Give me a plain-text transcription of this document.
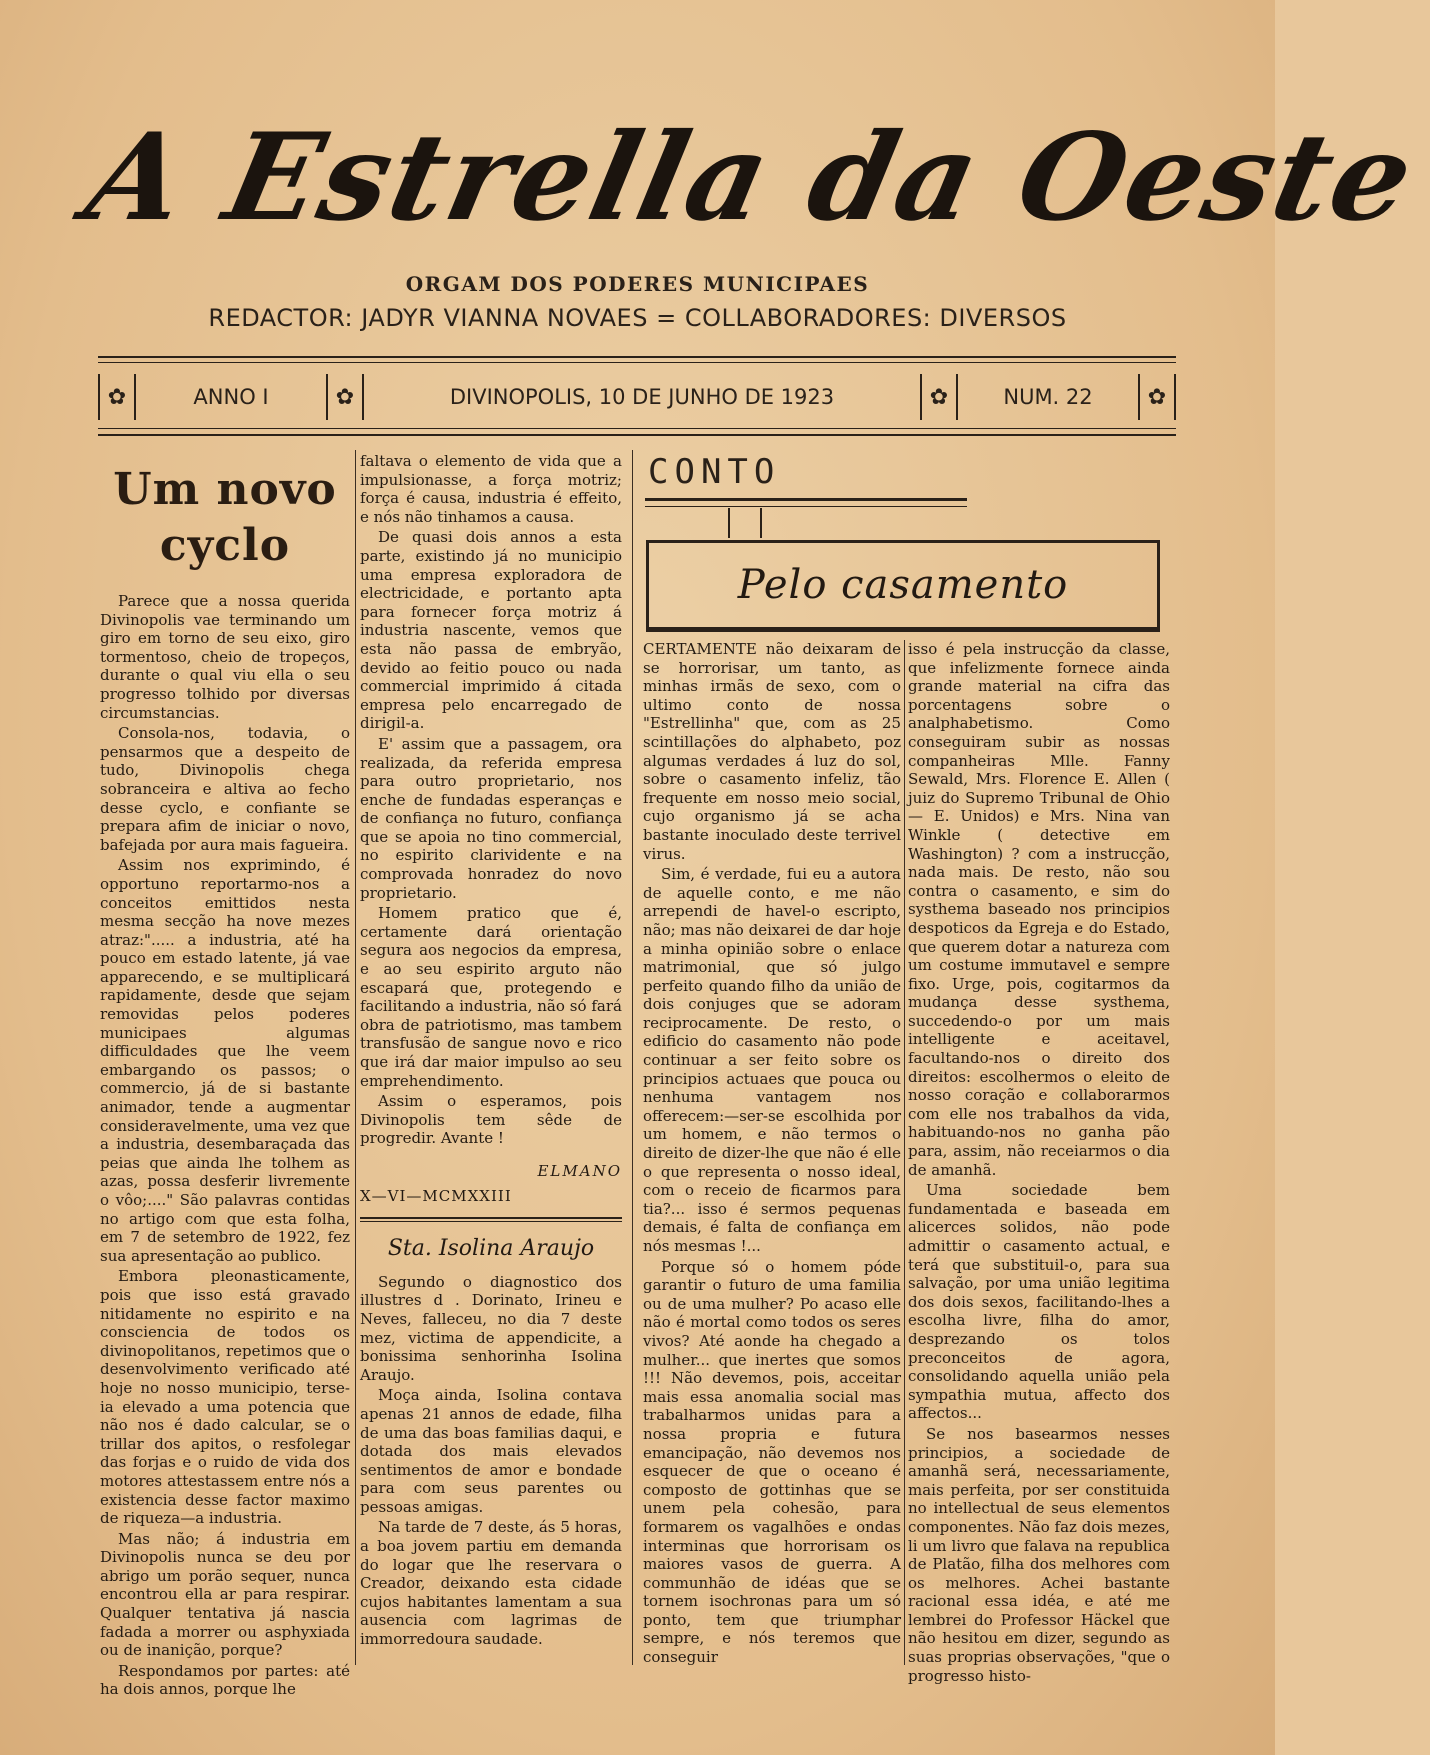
A Estrella da Oeste
ORGAM DOS PODERES MUNICIPAES
REDACTOR: JADYR VIANNA NOVAES = COLLABORADORES: DIVERSOS
✿	ANNO I	✿	DIVINOPOLIS, 10 DE JUNHO DE 1923	✿	NUM. 22	✿
Um novo cyclo

Parece que a nossa querida Divinopolis vae terminando um giro em torno de seu eixo, giro tormentoso, cheio de tropeços, durante o qual viu ella o seu progresso tolhido por diversas circumstancias.

Consola-nos, todavia, o pensarmos que a despeito de tudo, Divinopolis chega sobranceira e altiva ao fecho desse cyclo, e confiante se prepara afim de iniciar o novo, bafejada por aura mais fagueira.

Assim nos exprimindo, é opportuno reportarmo-nos a conceitos emittidos nesta mesma secção ha nove mezes atraz:"..... a industria, até ha pouco em estado latente, já vae apparecendo, e se multiplicará rapidamente, desde que sejam removidas pelos poderes municipaes algumas difficuldades que lhe veem embargando os passos; o commercio, já de si bastante animador, tende a augmentar consideravelmente, uma vez que a industria, desembaraçada das peias que ainda lhe tolhem as azas, possa desferir livremente o vôo;...." São palavras contidas no artigo com que esta folha, em 7 de setembro de 1922, fez sua apresentação ao publico.

Embora pleonasticamente, pois que isso está gravado nitidamente no espirito e na consciencia de todos os divinopolitanos, repetimos que o desenvolvimento verificado até hoje no nosso municipio, terse-ia elevado a uma potencia que não nos é dado calcular, se o trillar dos apitos, o resfolegar das forjas e o ruido de vida dos motores attestassem entre nós a existencia desse factor maximo de riqueza—a industria.

Mas não; á industria em Divinopolis nunca se deu por abrigo um porão sequer, nunca encontrou ella ar para respirar. Qualquer tentativa já nascia fadada a morrer ou asphyxiada ou de inanição, porque?

Respondamos por partes: até ha dois annos, porque lhe

faltava o elemento de vida que a impulsionasse, a força motriz; força é causa, industria é effeito, e nós não tinhamos a causa.

De quasi dois annos a esta parte, existindo já no municipio uma empresa exploradora de electricidade, e portanto apta para fornecer força motriz á industria nascente, vemos que esta não passa de embryão, devido ao feitio pouco ou nada commercial imprimido á citada empresa pelo encarregado de dirigil-a.

E' assim que a passagem, ora realizada, da referida empresa para outro proprietario, nos enche de fundadas esperanças e de confiança no futuro, confiança que se apoia no tino commercial, no espirito clarividente e na comprovada honradez do novo proprietario.

Homem pratico que é, certamente dará orientação segura aos negocios da empresa, e ao seu espirito arguto não escapará que, protegendo e facilitando a industria, não só fará obra de patriotismo, mas tambem transfusão de sangue novo e rico que irá dar maior impulso ao seu emprehendimento.

Assim o esperamos, pois Divinopolis tem sêde de progredir. Avante !

ELMANO
X—VI—MCMXXIII
Sta. Isolina Araujo

Segundo o diagnostico dos illustres d . Dorinato, Irineu e Neves, falleceu, no dia 7 deste mez, victima de appendicite, a bonissima senhorinha Isolina Araujo.

Moça ainda, Isolina contava apenas 21 annos de edade, filha de uma das boas familias daqui, e dotada dos mais elevados sentimentos de amor e bondade para com seus parentes ou pessoas amigas.

Na tarde de 7 deste, ás 5 horas, a boa jovem partiu em demanda do logar que lhe reservara o Creador, deixando esta cidade cujos habitantes lamentam a sua ausencia com lagrimas de immorredoura saudade.

CONTO
Pelo casamento

CERTAMENTE não deixaram de se horrorisar, um tanto, as minhas irmãs de sexo, com o ultimo conto de nossa "Estrellinha" que, com as 25 scintillações do alphabeto, poz algumas verdades á luz do sol, sobre o casamento infeliz, tão frequente em nosso meio social, cujo organismo já se acha bastante inoculado deste terrivel virus.

Sim, é verdade, fui eu a autora de aquelle conto, e me não arrependi de havel-o escripto, não; mas não deixarei de dar hoje a minha opinião sobre o enlace matrimonial, que só julgo perfeito quando filho da união de dois conjuges que se adoram reciprocamente. De resto, o edificio do casamento não pode continuar a ser feito sobre os principios actuaes que pouca ou nenhuma vantagem nos offerecem:—ser-se escolhida por um homem, e não termos o direito de dizer-lhe que não é elle o que representa o nosso ideal, com o receio de ficarmos para tia?... isso é sermos pequenas demais, é falta de confiança em nós mesmas !...

Porque só o homem póde garantir o futuro de uma familia ou de uma mulher? Po acaso elle não é mortal como todos os seres vivos? Até aonde ha chegado a mulher... que inertes que somos !!! Não devemos, pois, acceitar mais essa anomalia social mas trabalharmos unidas para a nossa propria e futura emancipação, não devemos nos esquecer de que o oceano é composto de gottinhas que se unem pela cohesão, para formarem os vagalhões e ondas interminas que horrorisam os maiores vasos de guerra. A communhão de idéas que se tornem isochronas para um só ponto, tem que triumphar sempre, e nós teremos que conseguir

isso é pela instrucção da classe, que infelizmente fornece ainda grande material na cifra das porcentagens sobre o analphabetismo. Como conseguiram subir as nossas companheiras Mlle. Fanny Sewald, Mrs. Florence E. Allen ( juiz do Supremo Tribunal de Ohio — E. Unidos) e Mrs. Nina van Winkle ( detective em Washington) ? com a instrucção, nada mais. De resto, não sou contra o casamento, e sim do systhema baseado nos principios despoticos da Egreja e do Estado, que querem dotar a natureza com um costume immutavel e sempre fixo. Urge, pois, cogitarmos da mudança desse systhema, succedendo-o por um mais intelligente e aceitavel, facultando-nos o direito dos direitos: escolhermos o eleito de nosso coração e collaborarmos com elle nos trabalhos da vida, habituando-nos no ganha pão para, assim, não receiarmos o dia de amanhã.

Uma sociedade bem fundamentada e baseada em alicerces solidos, não pode admittir o casamento actual, e terá que substituil-o, para sua salvação, por uma união legitima dos dois sexos, facilitando-lhes a escolha livre, filha do amor, desprezando os tolos preconceitos de agora, consolidando aquella união pela sympathia mutua, affecto dos affectos...

Se nos basearmos nesses principios, a sociedade de amanhã será, necessariamente, mais perfeita, por ser constituida no intellectual de seus elementos componentes. Não faz dois mezes, li um livro que falava na republica de Platão, filha dos melhores com os melhores. Achei bastante racional essa idéa, e até me lembrei do Professor Häckel que não hesitou em dizer, segundo as suas proprias observações, "que o progresso histo-
